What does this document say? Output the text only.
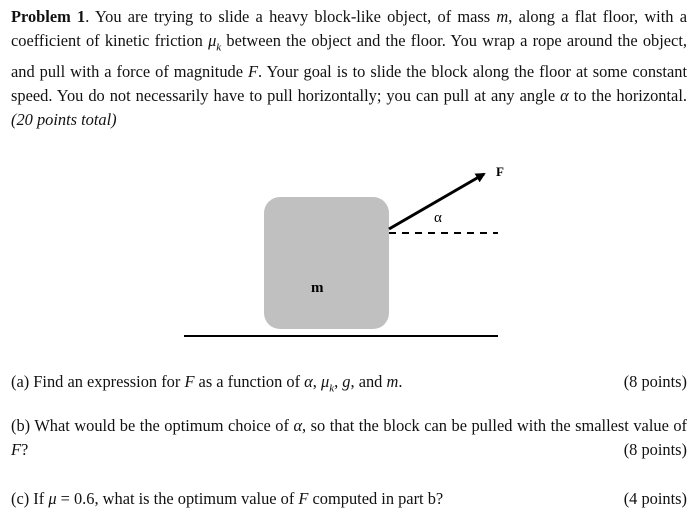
Problem 1. You are trying to slide a heavy block-like object, of mass m, along a flat floor, with a coefficient of kinetic friction $\mu_k$ between the object and the floor. You wrap a rope around the object, and pull with a force of magnitude F. Your goal is to slide the block along the floor at some constant speed. You do not necessarily have to pull horizontally; you can pull at any angle α to the horizontal. (20 points total)
α
F
m
(a) Find an expression for F as a function of α, $\mu_k$, g, and m.	(8 points)
(b) What would be the optimum choice of α, so that the block can be pulled with the smallest value of F?	(8 points)
(c) If μ = 0.6, what is the optimum value of F computed in part b?	(4 points)
